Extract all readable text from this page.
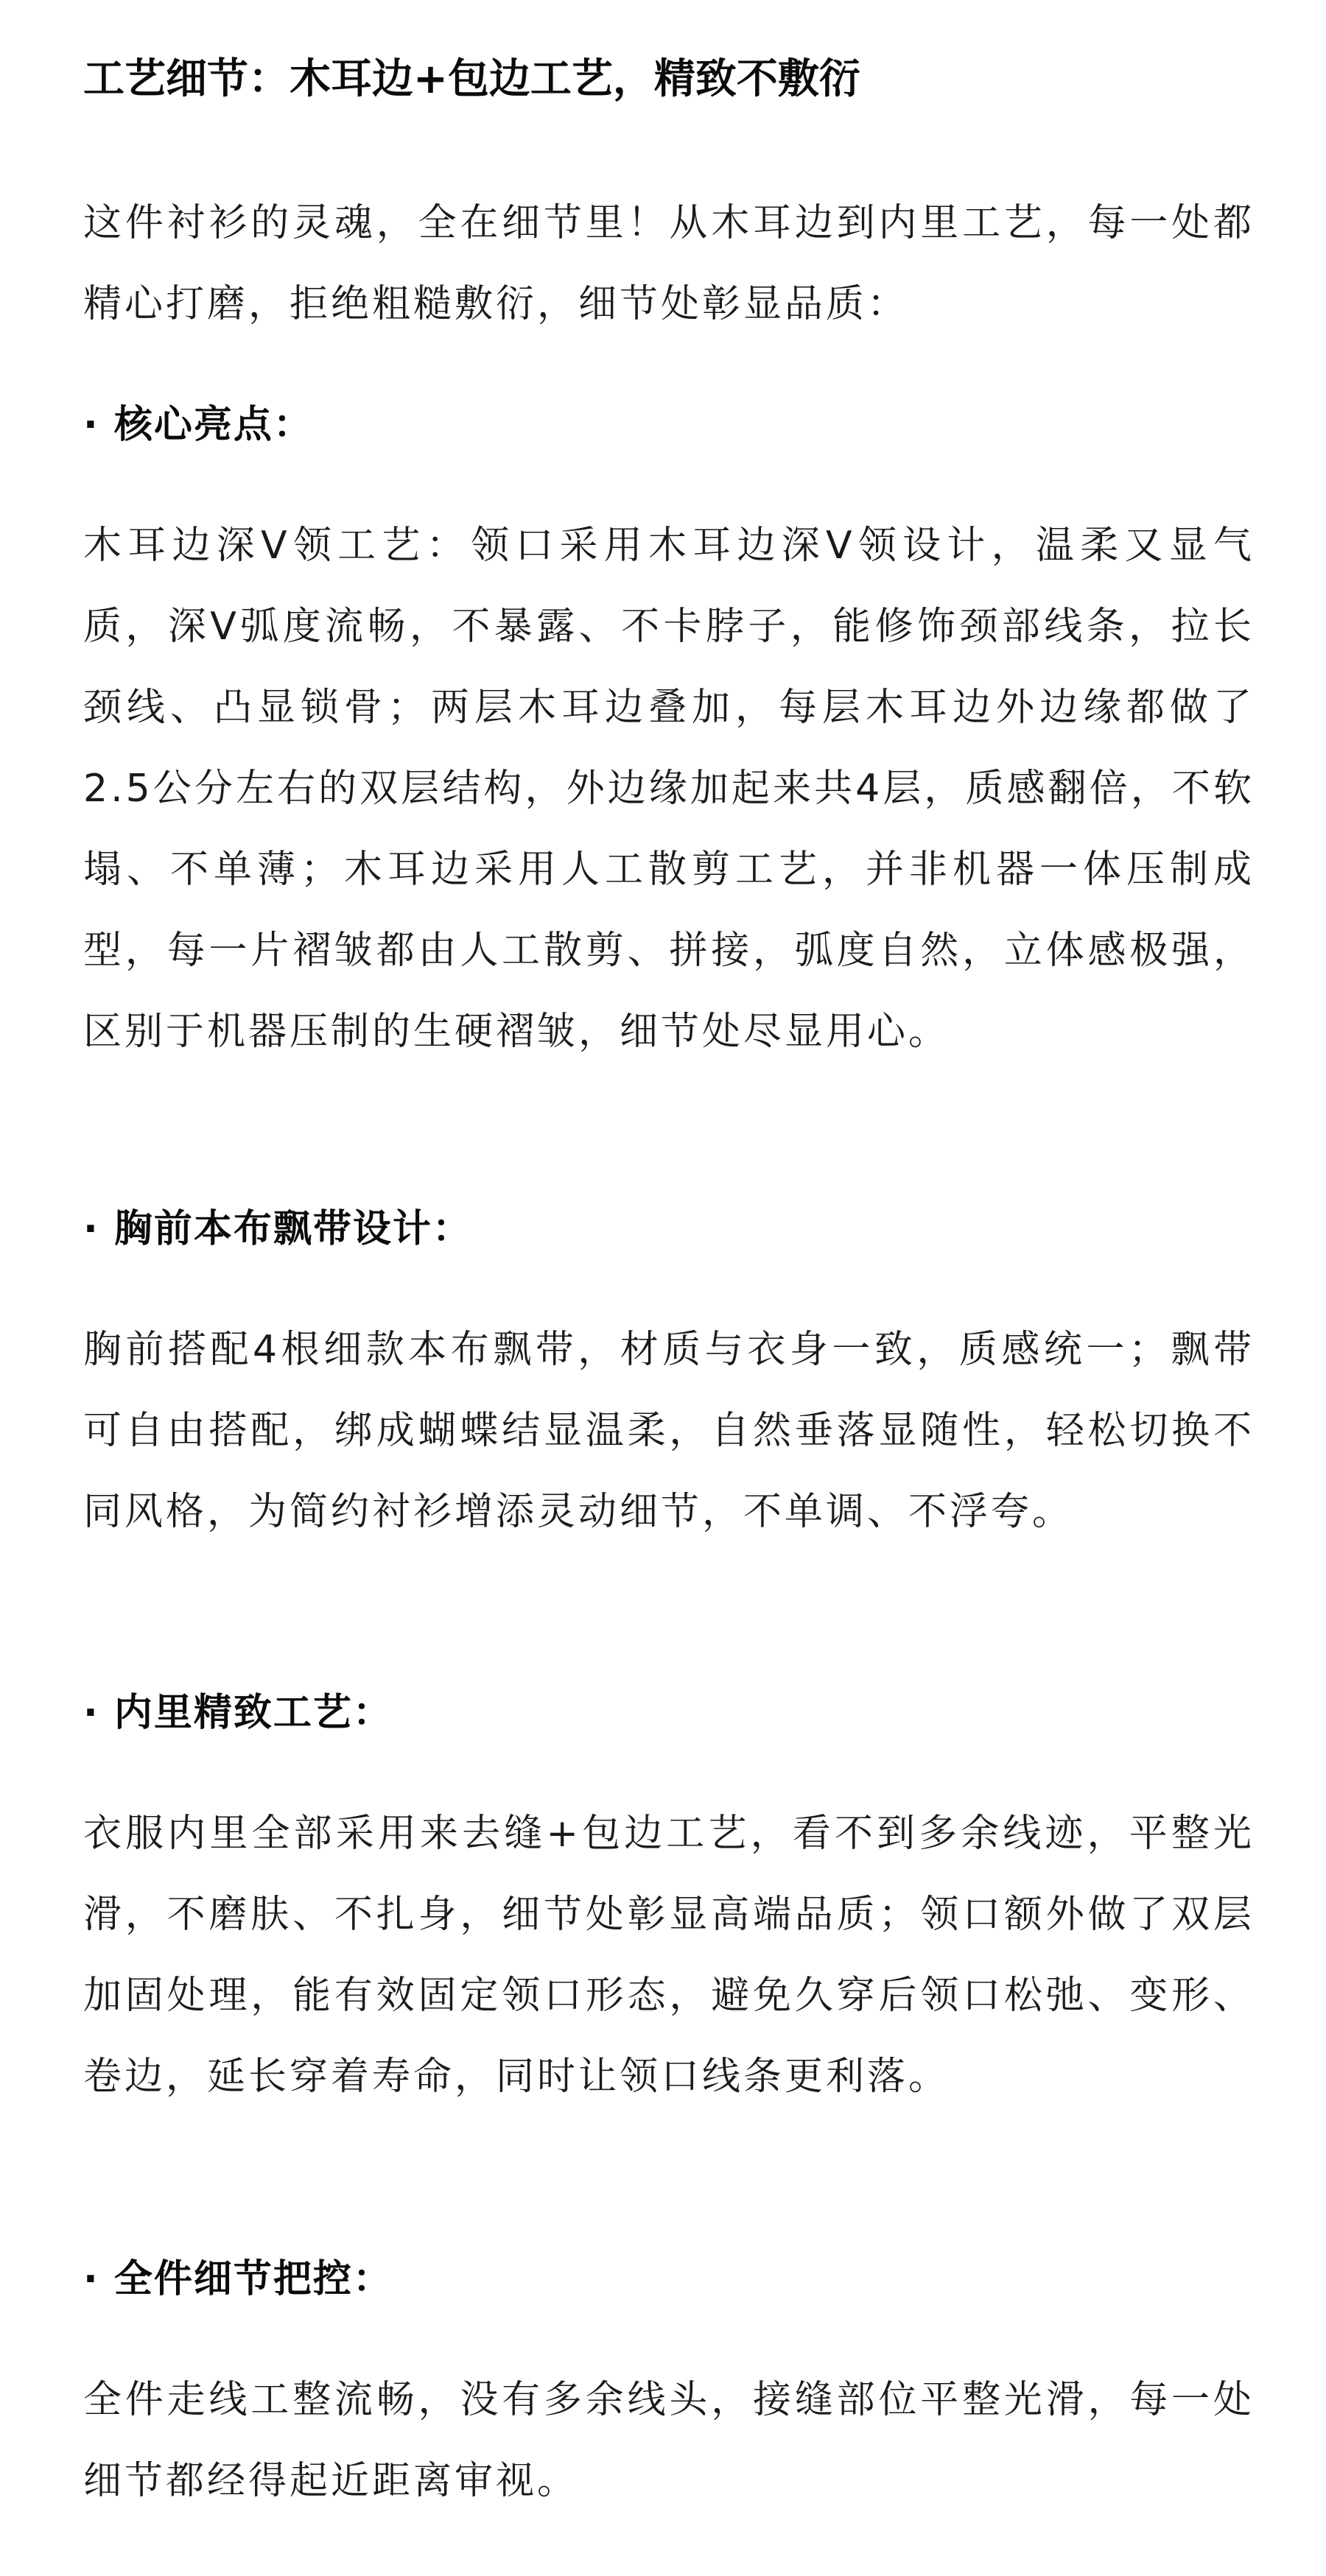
工艺细节：木耳边+包边工艺，精致不敷衍

这件衬衫的灵魂，全在细节里！从木耳边到内里工艺，每一处都精心打磨，拒绝粗糙敷衍，细节处彰显品质：

· 核心亮点：

木耳边深V领工艺：领口采用木耳边深V领设计，温柔又显气质，深V弧度流畅，不暴露、不卡脖子，能修饰颈部线条，拉长颈线、凸显锁骨；两层木耳边叠加，每层木耳边外边缘都做了2.5公分左右的双层结构，外边缘加起来共4层，质感翻倍，不软塌、不单薄；木耳边采用人工散剪工艺，并非机器一体压制成型，每一片褶皱都由人工散剪、拼接，弧度自然，立体感极强，区别于机器压制的生硬褶皱，细节处尽显用心。

· 胸前本布飘带设计：

胸前搭配4根细款本布飘带，材质与衣身一致，质感统一；飘带可自由搭配，绑成蝴蝶结显温柔，自然垂落显随性，轻松切换不同风格，为简约衬衫增添灵动细节，不单调、不浮夸。

· 内里精致工艺：

衣服内里全部采用来去缝+包边工艺，看不到多余线迹，平整光滑，不磨肤、不扎身，细节处彰显高端品质；领口额外做了双层加固处理，能有效固定领口形态，避免久穿后领口松弛、变形、卷边，延长穿着寿命，同时让领口线条更利落。

· 全件细节把控：

全件走线工整流畅，没有多余线头，接缝部位平整光滑，每一处细节都经得起近距离审视。
